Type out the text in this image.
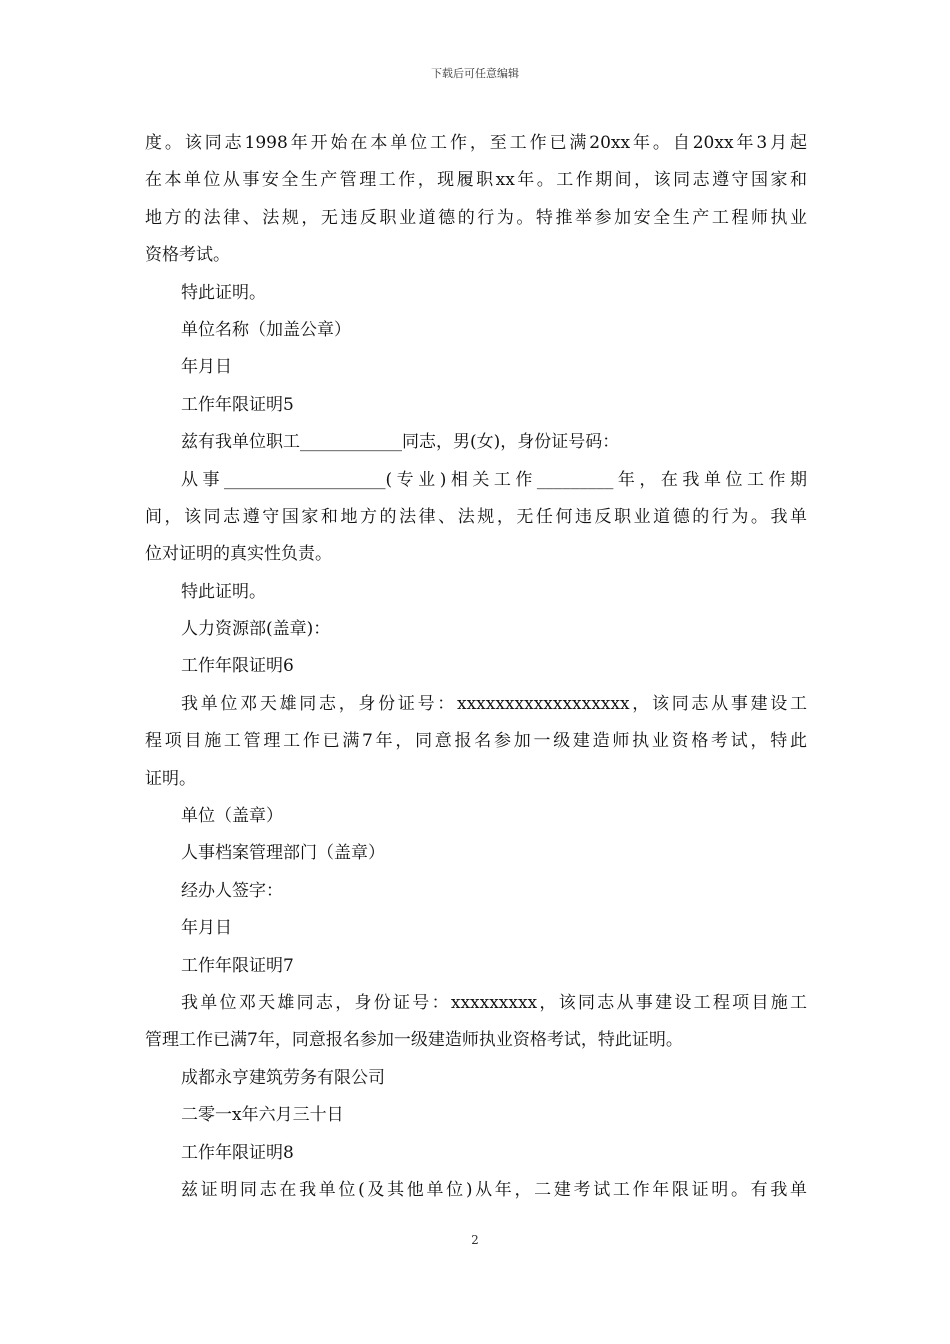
下载后可任意编辑
度。该同志1998年开始在本单位工作，至工作已满20xx年。自20xx年3月起
在本单位从事安全生产管理工作，现履职xx年。工作期间，该同志遵守国家和
地方的法律、法规，无违反职业道德的行为。特推举参加安全生产工程师执业
资格考试。
特此证明。
单位名称（加盖公章）
年月日
工作年限证明5
兹有我单位职工____________同志，男(女)，身份证号码：
从事___________________(专业)相关工作_________年，在我单位工作期
间，该同志遵守国家和地方的法律、法规，无任何违反职业道德的行为。我单
位对证明的真实性负责。
特此证明。
人力资源部(盖章)：
工作年限证明6
我单位邓天雄同志，身份证号：xxxxxxxxxxxxxxxxxx，该同志从事建设工
程项目施工管理工作已满7年，同意报名参加一级建造师执业资格考试，特此
证明。
单位（盖章）
人事档案管理部门（盖章）
经办人签字：
年月日
工作年限证明7
我单位邓天雄同志，身份证号：xxxxxxxxx，该同志从事建设工程项目施工
管理工作已满7年，同意报名参加一级建造师执业资格考试，特此证明。
成都永亨建筑劳务有限公司
二零一x年六月三十日
工作年限证明8
兹证明同志在我单位(及其他单位)从年，二建考试工作年限证明。有我单
2
